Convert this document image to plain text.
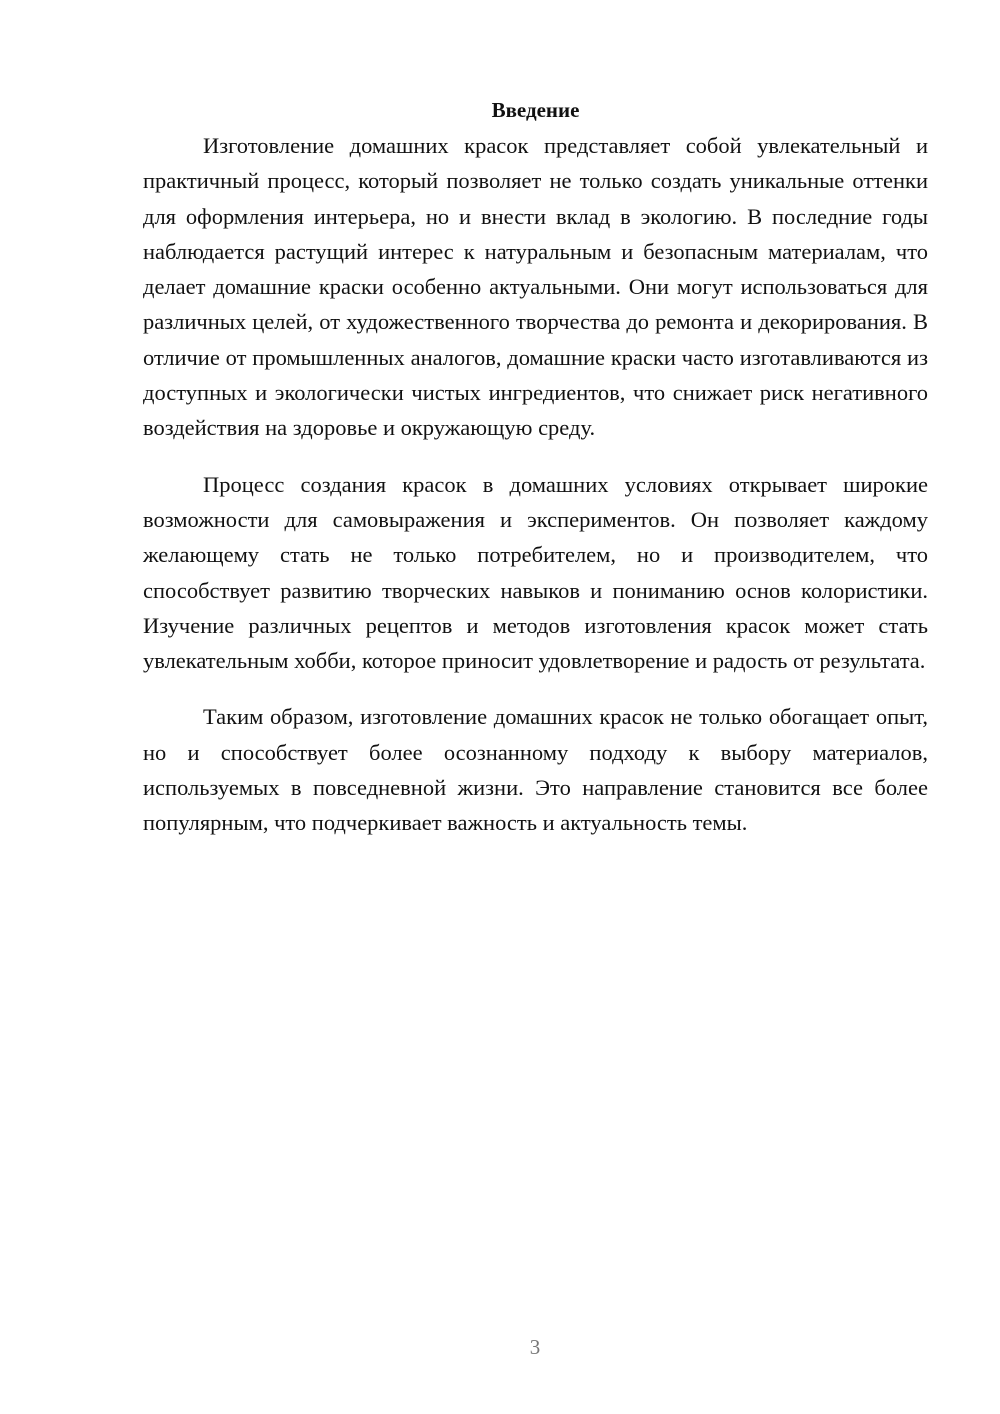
Введение

Изготовление домашних красок представляет собой увлекательный и практичный процесс, который позволяет не только создать уникальные оттенки для оформления интерьера, но и внести вклад в экологию. В последние годы наблюдается растущий интерес к натуральным и безопасным материалам, что делает домашние краски особенно актуальными. Они могут использоваться для различных целей, от художественного творчества до ремонта и декорирования. В отличие от промышленных аналогов, домашние краски часто изготавливаются из доступных и экологически чистых ингредиентов, что снижает риск негативного воздействия на здоровье и окружающую среду.

Процесс создания красок в домашних условиях открывает широкие возможности для самовыражения и экспериментов. Он позволяет каждому желающему стать не только потребителем, но и производителем, что способствует развитию творческих навыков и пониманию основ колористики. Изучение различных рецептов и методов изготовления красок может стать увлекательным хобби, которое приносит удовлетворение и радость от результата.

Таким образом, изготовление домашних красок не только обогащает опыт, но и способствует более осознанному подходу к выбору материалов, используемых в повседневной жизни. Это направление становится все более популярным, что подчеркивает важность и актуальность темы.

3
